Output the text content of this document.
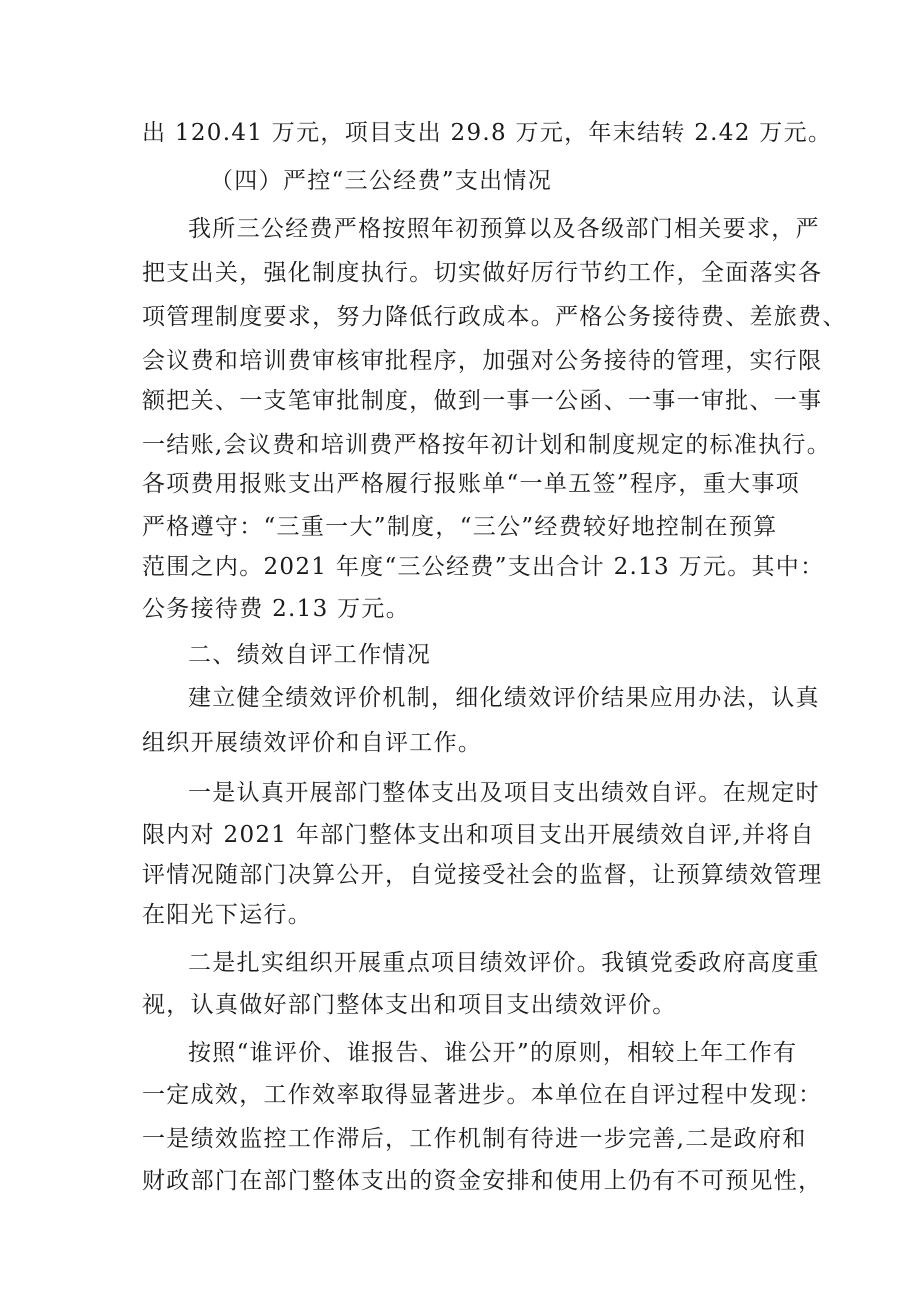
出 120.41 万元，项目支出 29.8 万元，年末结转 2.42 万元。
（四）严控“三公经费”支出情况
我所三公经费严格按照年初预算以及各级部门相关要求，严
把支出关，强化制度执行。切实做好厉行节约工作，全面落实各
项管理制度要求，努力降低行政成本。严格公务接待费、差旅费、
会议费和培训费审核审批程序，加强对公务接待的管理，实行限
额把关、一支笔审批制度，做到一事一公函、一事一审批、一事
一结账,会议费和培训费严格按年初计划和制度规定的标准执行。
各项费用报账支出严格履行报账单“一单五签”程序，重大事项
严格遵守：“三重一大”制度，“三公”经费较好地控制在预算
范围之内。2021 年度“三公经费”支出合计 2.13 万元。其中：
公务接待费 2.13 万元。
二、绩效自评工作情况
建立健全绩效评价机制，细化绩效评价结果应用办法，认真
组织开展绩效评价和自评工作。
一是认真开展部门整体支出及项目支出绩效自评。在规定时
限内对 2021 年部门整体支出和项目支出开展绩效自评,并将自
评情况随部门决算公开，自觉接受社会的监督，让预算绩效管理
在阳光下运行。
二是扎实组织开展重点项目绩效评价。我镇党委政府高度重
视，认真做好部门整体支出和项目支出绩效评价。
按照“谁评价、谁报告、谁公开”的原则，相较上年工作有
一定成效，工作效率取得显著进步。本单位在自评过程中发现：
一是绩效监控工作滞后，工作机制有待进一步完善,二是政府和
财政部门在部门整体支出的资金安排和使用上仍有不可预见性，
